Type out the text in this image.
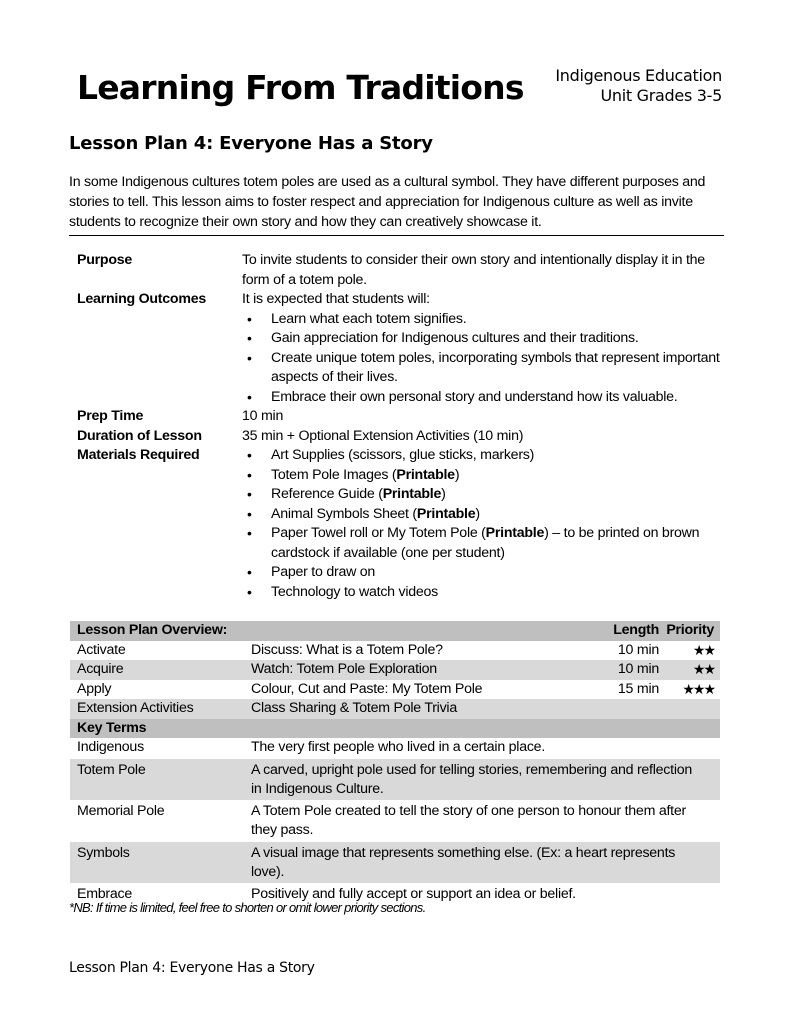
Learning From Traditions Indigenous Education
Unit Grades 3-5
Lesson Plan 4: Everyone Has a Story
In some Indigenous cultures totem poles are used as a cultural symbol. They have different purposes and stories to tell. This lesson aims to foster respect and appreciation for Indigenous culture as well as invite students to recognize their own story and how they can creatively showcase it.
Purpose	To invite students to consider their own story and intentionally display it in the form of a totem pole.
Learning Outcomes	It is expected that students will:
• Learn what each totem signifies.
• Gain appreciation for Indigenous cultures and their traditions.
• Create unique totem poles, incorporating symbols that represent important aspects of their lives.
• Embrace their own personal story and understand how its valuable.
Prep Time	10 min
Duration of Lesson	35 min + Optional Extension Activities (10 min)
Materials Required	• Art Supplies (scissors, glue sticks, markers)
• Totem Pole Images (Printable)
• Reference Guide (Printable)
• Animal Symbols Sheet (Printable)
• Paper Towel roll or My Totem Pole (Printable) – to be printed on brown cardstock if available (one per student)
• Paper to draw on
• Technology to watch videos
Lesson Plan Overview:	Length Priority
Activate	Discuss: What is a Totem Pole?	10 min	★★
Acquire	Watch: Totem Pole Exploration	10 min	★★
Apply	Colour, Cut and Paste: My Totem Pole	15 min	★★★
Extension Activities	Class Sharing & Totem Pole Trivia
Key Terms
Indigenous	The very first people who lived in a certain place.
Totem Pole	A carved, upright pole used for telling stories, remembering and reflection in Indigenous Culture.
Memorial Pole	A Totem Pole created to tell the story of one person to honour them after they pass.
Symbols	A visual image that represents something else. (Ex: a heart represents love).
Embrace	Positively and fully accept or support an idea or belief.
*NB: If time is limited, feel free to shorten or omit lower priority sections.
Lesson Plan 4: Everyone Has a Story
